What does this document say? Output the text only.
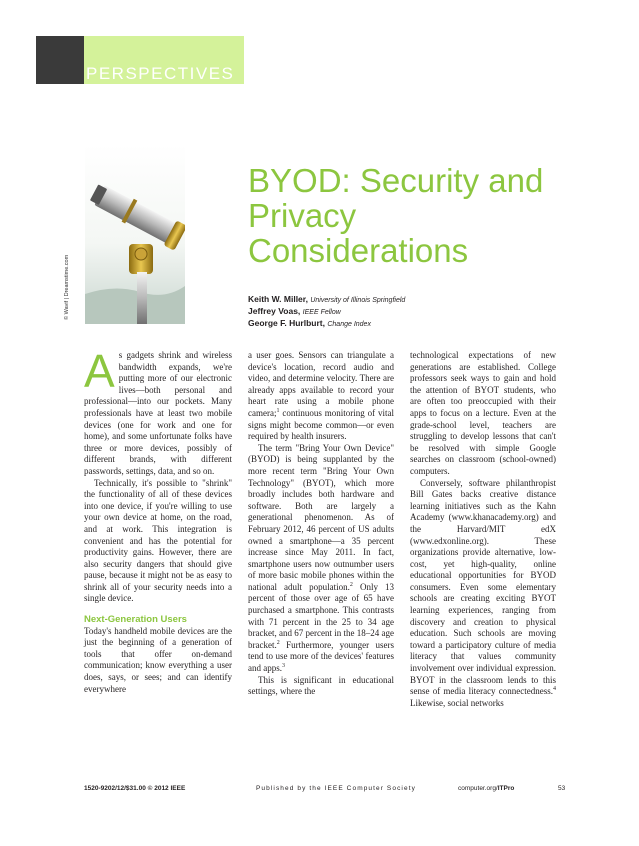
PERSPECTIVES
© Wavif | Dreamstime.com
BYOD: Security and Privacy Considerations
Keith W. Miller, University of Illinois Springfield
Jeffrey Voas, IEEE Fellow
George F. Hurlburt, Change Index

As gadgets shrink and wireless bandwidth expands, we're putting more of our electronic lives—both personal and professional—into our pockets. Many professionals have at least two mobile devices (one for work and one for home), and some unfortunate folks have three or more devices, possibly of different brands, with different passwords, settings, data, and so on.

Technically, it's possible to "shrink" the functionality of all of these devices into one device, if you're willing to use your own device at home, on the road, and at work. This integration is convenient and has the potential for productivity gains. However, there are also security dangers that should give pause, because it might not be as easy to shrink all of your security needs into a single device.

Next-Generation Users

Today's handheld mobile devices are the just the beginning of a generation of tools that offer on-demand communication; know everything a user does, says, or sees; and can identify everywhere

a user goes. Sensors can triangulate a device's location, record audio and video, and determine velocity. There are already apps available to record your heart rate using a mobile phone camera;$^1$ continuous monitoring of vital signs might become common—or even required by health insurers.

The term "Bring Your Own Device" (BYOD) is being supplanted by the more recent term "Bring Your Own Technology" (BYOT), which more broadly includes both hardware and software. Both are largely a generational phenomenon. As of February 2012, 46 percent of US adults owned a smartphone—a 35 percent increase since May 2011. In fact, smartphone users now outnumber users of more basic mobile phones within the national adult population.$^2$ Only 13 percent of those over age of 65 have purchased a smartphone. This contrasts with 71 percent in the 25 to 34 age bracket, and 67 percent in the 18–24 age bracket.$^2$ Furthermore, younger users tend to use more of the devices' features and apps.$^3$

This is significant in educational settings, where the

technological expectations of new generations are established. College professors seek ways to gain and hold the attention of BYOT students, who are often too preoccupied with their apps to focus on a lecture. Even at the grade-school level, teachers are struggling to develop lessons that can't be resolved with simple Google searches on classroom (school-owned) computers.

Conversely, software philanthropist Bill Gates backs creative distance learning initiatives such as the Kahn Academy (www.khanacademy.org) and the Harvard/MIT edX (www.edxonline.org). These organizations provide alternative, low-cost, yet high-quality, online educational opportunities for BYOD consumers. Even some elementary schools are creating exciting BYOT learning experiences, ranging from discovery and creation to physical education. Such schools are moving toward a participatory culture of media literacy that values community involvement over individual expression. BYOT in the classroom lends to this sense of media literacy connectedness.$^4$ Likewise, social networks

1520-9202/12/$31.00 © 2012 IEEE	Published by the IEEE Computer Society	computer.org/ITPro	53
